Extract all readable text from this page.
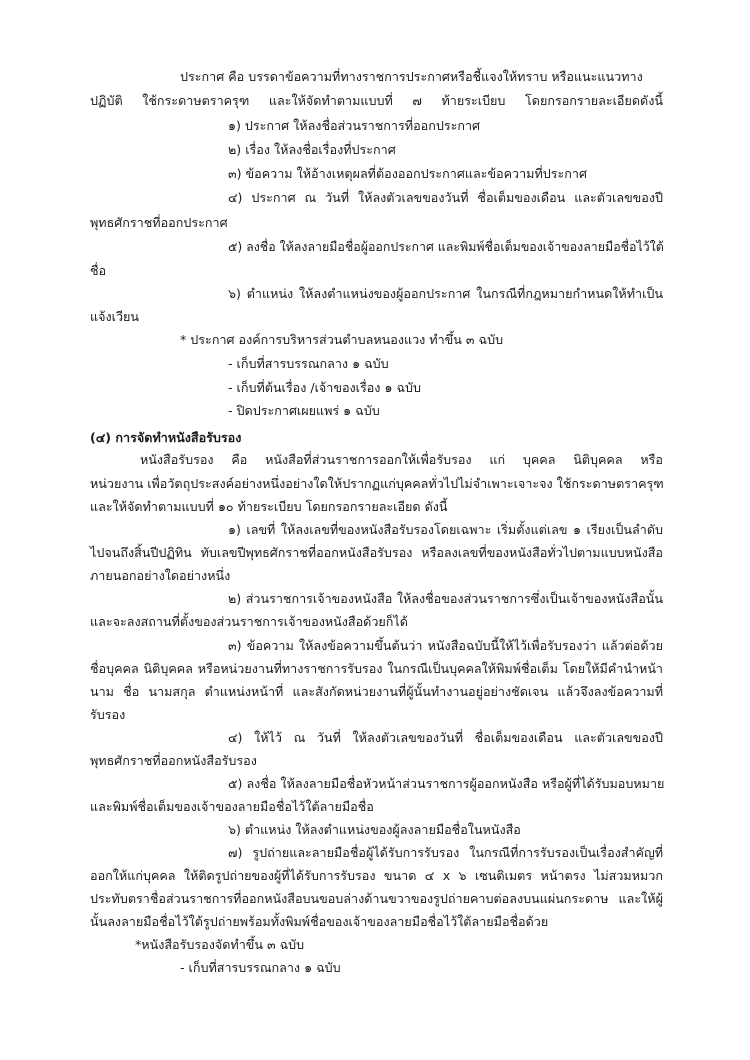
ประกาศ คือ บรรดาข้อความที่ทางราชการประกาศหรือชี้แจงให้ทราบ หรือแนะแนวทาง
ปฏิบัติ ใช้กระดาษตราครุฑ และให้จัดทำตามแบบที่ ๗ ท้ายระเบียบ โดยกรอกรายละเอียดดังนี้
๑) ประกาศ ให้ลงชื่อส่วนราชการที่ออกประกาศ
๒) เรื่อง ให้ลงชื่อเรื่องที่ประกาศ
๓) ข้อความ ให้อ้างเหตุผลที่ต้องออกประกาศและข้อความที่ประกาศ
๔) ประกาศ ณ วันที่ ให้ลงตัวเลขของวันที่ ชื่อเต็มของเดือน และตัวเลขของปี
พุทธศักราชที่ออกประกาศ
๕) ลงชื่อ ให้ลงลายมือชื่อผู้ออกประกาศ และพิมพ์ชื่อเต็มของเจ้าของลายมือชื่อไว้ใต้
ชื่อ
๖) ตำแหน่ง ให้ลงตำแหน่งของผู้ออกประกาศ ในกรณีที่กฎหมายกำหนดให้ทำเป็น
แจ้งเวียน
* ประกาศ องค์การบริหารส่วนตำบลหนองแวง ทำขึ้น ๓ ฉบับ
- เก็บที่สารบรรณกลาง ๑ ฉบับ
- เก็บที่ต้นเรื่อง /เจ้าของเรื่อง ๑ ฉบับ
- ปิดประกาศเผยแพร่ ๑ ฉบับ
(๔) การจัดทำหนังสือรับรอง
หนังสือรับรอง คือ หนังสือที่ส่วนราชการออกให้เพื่อรับรอง แก่ บุคคล นิติบุคคล หรือ
หน่วยงาน เพื่อวัตถุประสงค์อย่างหนึ่งอย่างใดให้ปรากฏแก่บุคคลทั่วไปไม่จำเพาะเจาะจง ใช้กระดาษตราครุฑ
และให้จัดทำตามแบบที่ ๑๐ ท้ายระเบียบ โดยกรอกรายละเอียด ดังนี้
๑) เลขที่ ให้ลงเลขที่ของหนังสือรับรองโดยเฉพาะ เริ่มตั้งแต่เลข ๑ เรียงเป็นลำดับ
ไปจนถึงสิ้นปีปฏิทิน ทับเลขปีพุทธศักราชที่ออกหนังสือรับรอง หรือลงเลขที่ของหนังสือทั่วไปตามแบบหนังสือ
ภายนอกอย่างใดอย่างหนึ่ง
๒) ส่วนราชการเจ้าของหนังสือ ให้ลงชื่อของส่วนราชการซึ่งเป็นเจ้าของหนังสือนั้น
และจะลงสถานที่ตั้งของส่วนราชการเจ้าของหนังสือด้วยก็ได้
๓) ข้อความ ให้ลงข้อความขึ้นต้นว่า หนังสือฉบับนี้ให้ไว้เพื่อรับรองว่า แล้วต่อด้วย
ชื่อบุคคล นิติบุคคล หรือหน่วยงานที่ทางราชการรับรอง ในกรณีเป็นบุคคลให้พิมพ์ชื่อเต็ม โดยให้มีคำนำหน้า
นาม ชื่อ นามสกุล ตำแหน่งหน้าที่ และสังกัดหน่วยงานที่ผู้นั้นทำงานอยู่อย่างชัดเจน แล้วจึงลงข้อความที่
รับรอง
๔) ให้ไว้ ณ วันที่ ให้ลงตัวเลขของวันที่ ชื่อเต็มของเดือน และตัวเลขของปี
พุทธศักราชที่ออกหนังสือรับรอง
๕) ลงชื่อ ให้ลงลายมือชื่อหัวหน้าส่วนราชการผู้ออกหนังสือ หรือผู้ที่ได้รับมอบหมาย
และพิมพ์ชื่อเต็มของเจ้าของลายมือชื่อไว้ใต้ลายมือชื่อ
๖) ตำแหน่ง ให้ลงตำแหน่งของผู้ลงลายมือชื่อในหนังสือ
๗) รูปถ่ายและลายมือชื่อผู้ได้รับการรับรอง ในกรณีที่การรับรองเป็นเรื่องสำคัญที่
ออกให้แก่บุคคล ให้ติดรูปถ่ายของผู้ที่ได้รับการรับรอง ขนาด ๔ x ๖ เซนติเมตร หน้าตรง ไม่สวมหมวก
ประทับตราชื่อส่วนราชการที่ออกหนังสือบนขอบล่างด้านขวาของรูปถ่ายคาบต่อลงบนแผ่นกระดาษ และให้ผู้
นั้นลงลายมือชื่อไว้ใต้รูปถ่ายพร้อมทั้งพิมพ์ชื่อของเจ้าของลายมือชื่อไว้ใต้ลายมือชื่อด้วย
*หนังสือรับรองจัดทำขึ้น ๓ ฉบับ
- เก็บที่สารบรรณกลาง ๑ ฉบับ
